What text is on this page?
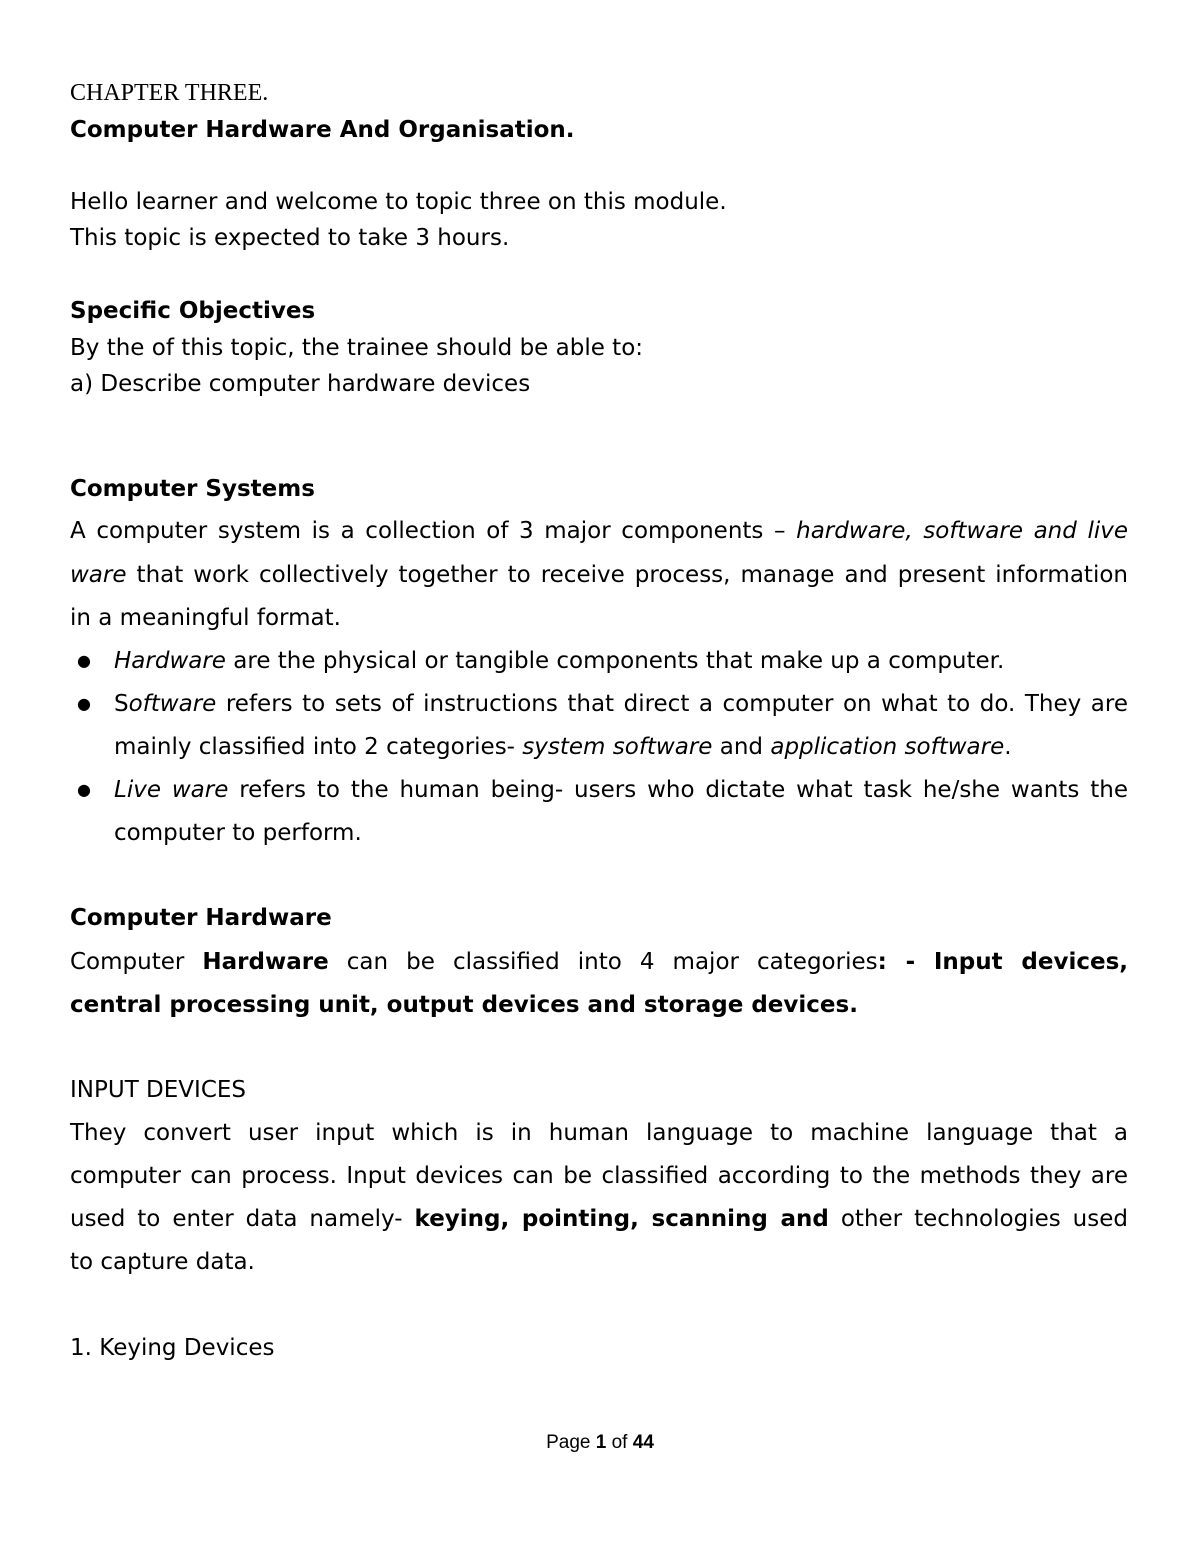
CHAPTER THREE.
Computer Hardware And Organisation.
Hello learner and welcome to topic three on this module.
This topic is expected to take 3 hours.
Specific Objectives
By the of this topic, the trainee should be able to:
a) Describe computer hardware devices
Computer Systems
A computer system is a collection of 3 major components – hardware, software and live
ware that work collectively together to receive process, manage and present information
in a meaningful format.
● Hardware are the physical or tangible components that make up a computer.
● Software refers to sets of instructions that direct a computer on what to do. They are
mainly classified into 2 categories- system software and application software.
● Live ware refers to the human being- users who dictate what task he/she wants the
computer to perform.
Computer Hardware
Computer Hardware can be classified into 4 major categories: - Input devices,
central processing unit, output devices and storage devices.
INPUT DEVICES
They convert user input which is in human language to machine language that a
computer can process. Input devices can be classified according to the methods they are
used to enter data namely- keying, pointing, scanning and other technologies used
to capture data.
1. Keying Devices
Page 1 of 44
